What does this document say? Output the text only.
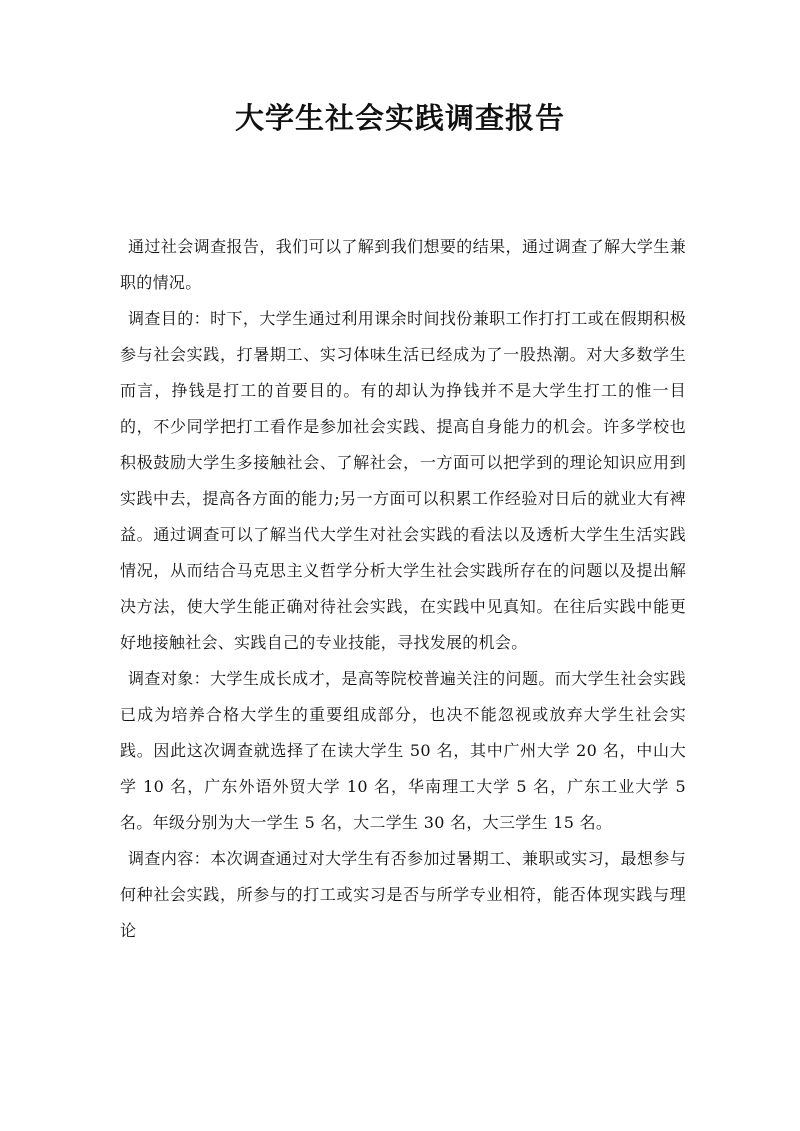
大学生社会实践调查报告

通过社会调查报告，我们可以了解到我们想要的结果，通过调查了解大学生兼职的情况。

调查目的：时下，大学生通过利用课余时间找份兼职工作打打工或在假期积极参与社会实践，打暑期工、实习体味生活已经成为了一股热潮。对大多数学生而言，挣钱是打工的首要目的。有的却认为挣钱并不是大学生打工的惟一目的，不少同学把打工看作是参加社会实践、提高自身能力的机会。许多学校也积极鼓励大学生多接触社会、了解社会，一方面可以把学到的理论知识应用到实践中去，提高各方面的能力;另一方面可以积累工作经验对日后的就业大有裨益。通过调查可以了解当代大学生对社会实践的看法以及透析大学生生活实践情况，从而结合马克思主义哲学分析大学生社会实践所存在的问题以及提出解决方法，使大学生能正确对待社会实践，在实践中见真知。在往后实践中能更好地接触社会、实践自己的专业技能，寻找发展的机会。

调查对象：大学生成长成才，是高等院校普遍关注的问题。而大学生社会实践已成为培养合格大学生的重要组成部分，也决不能忽视或放弃大学生社会实践。因此这次调查就选择了在读大学生 50 名，其中广州大学 20 名，中山大学 10 名，广东外语外贸大学 10 名，华南理工大学 5 名，广东工业大学 5 名。年级分别为大一学生 5 名，大二学生 30 名，大三学生 15 名。

调查内容：本次调查通过对大学生有否参加过暑期工、兼职或实习，最想参与何种社会实践，所参与的打工或实习是否与所学专业相符，能否体现实践与理论
